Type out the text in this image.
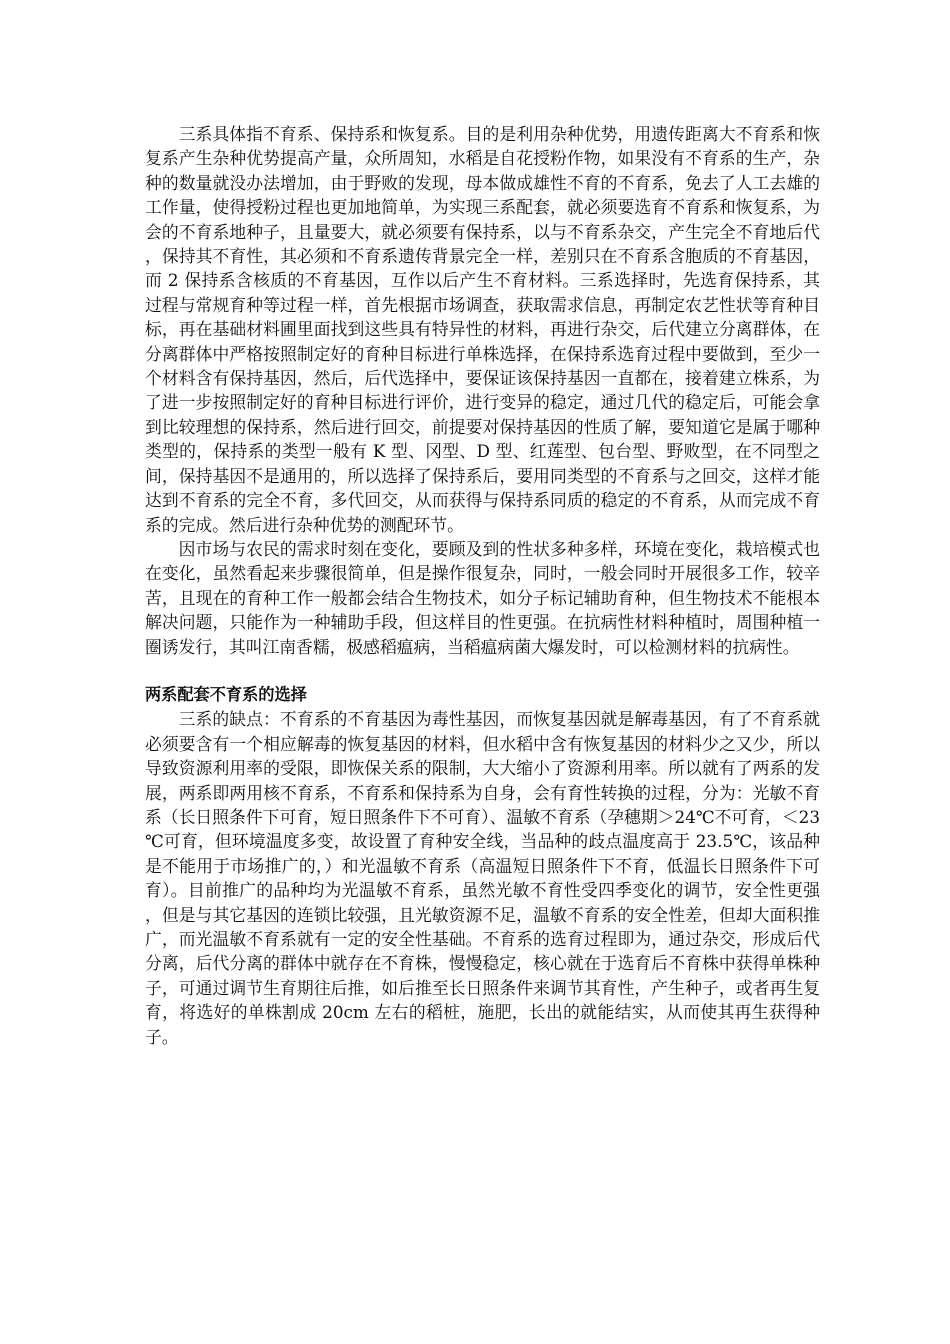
三系具体指不育系、保持系和恢复系。目的是利用杂种优势，用遗传距离大不育系和恢复系产生杂种优势提高产量，众所周知，水稻是自花授粉作物，如果没有不育系的生产，杂种的数量就没办法增加，由于野败的发现，母本做成雄性不育的不育系，免去了人工去雄的工作量，使得授粉过程也更加地简单，为实现三系配套，就必须要选育不育系和恢复系，为会的不育系地种子，且量要大，就必须要有保持系，以与不育系杂交，产生完全不育地后代，保持其不育性，其必须和不育系遗传背景完全一样，差别只在不育系含胞质的不育基因，而 2 保持系含核质的不育基因，互作以后产生不育材料。三系选择时，先选育保持系，其过程与常规育种等过程一样，首先根据市场调查，获取需求信息，再制定农艺性状等育种目标，再在基础材料圃里面找到这些具有特异性的材料，再进行杂交，后代建立分离群体，在分离群体中严格按照制定好的育种目标进行单株选择，在保持系选育过程中要做到，至少一个材料含有保持基因，然后，后代选择中，要保证该保持基因一直都在，接着建立株系，为了进一步按照制定好的育种目标进行评价，进行变异的稳定，通过几代的稳定后，可能会拿到比较理想的保持系，然后进行回交，前提要对保持基因的性质了解，要知道它是属于哪种类型的，保持系的类型一般有 K 型、冈型、D 型、红莲型、包台型、野败型，在不同型之间，保持基因不是通用的，所以选择了保持系后，要用同类型的不育系与之回交，这样才能达到不育系的完全不育，多代回交，从而获得与保持系同质的稳定的不育系，从而完成不育系的完成。然后进行杂种优势的测配环节。

因市场与农民的需求时刻在变化，要顾及到的性状多种多样，环境在变化，栽培模式也在变化，虽然看起来步骤很简单，但是操作很复杂，同时，一般会同时开展很多工作，较辛苦，且现在的育种工作一般都会结合生物技术，如分子标记辅助育种，但生物技术不能根本解决问题，只能作为一种辅助手段，但这样目的性更强。在抗病性材料种植时，周围种植一圈诱发行，其叫江南香糯，极感稻瘟病，当稻瘟病菌大爆发时，可以检测材料的抗病性。

两系配套不育系的选择

三系的缺点：不育系的不育基因为毒性基因，而恢复基因就是解毒基因，有了不育系就必须要含有一个相应解毒的恢复基因的材料，但水稻中含有恢复基因的材料少之又少，所以导致资源利用率的受限，即恢保关系的限制，大大缩小了资源利用率。所以就有了两系的发展，两系即两用核不育系，不育系和保持系为自身，会有育性转换的过程，分为：光敏不育系（长日照条件下可育，短日照条件下不可育）、温敏不育系（孕穗期＞24℃不可育，＜23℃可育，但环境温度多变，故设置了育种安全线，当品种的歧点温度高于 23.5℃，该品种是不能用于市场推广的，）和光温敏不育系（高温短日照条件下不育，低温长日照条件下可育）。目前推广的品种均为光温敏不育系，虽然光敏不育性受四季变化的调节，安全性更强，但是与其它基因的连锁比较强，且光敏资源不足，温敏不育系的安全性差，但却大面积推广，而光温敏不育系就有一定的安全性基础。不育系的选育过程即为，通过杂交，形成后代分离，后代分离的群体中就存在不育株，慢慢稳定，核心就在于选育后不育株中获得单株种子，可通过调节生育期往后推，如后推至长日照条件来调节其育性，产生种子，或者再生复育，将选好的单株割成 20cm 左右的稻桩，施肥，长出的就能结实，从而使其再生获得种子。
